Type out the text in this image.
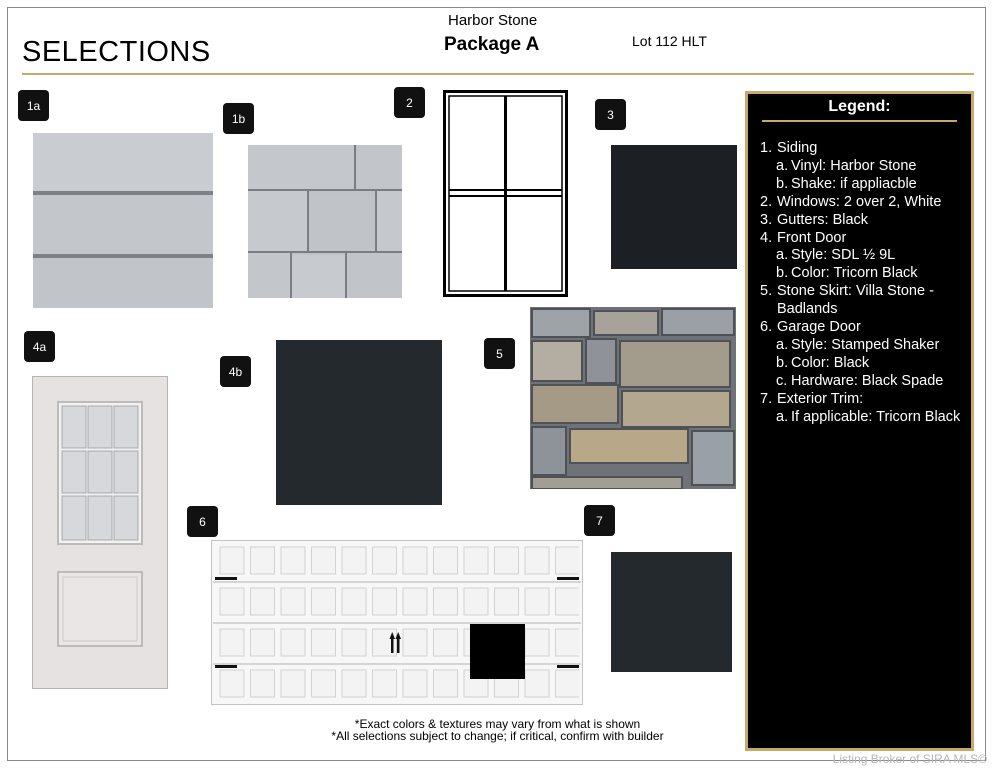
SELECTIONS
Harbor Stone
Package A	Lot 112 HLT
1a
1b
2
3
4a
4b
5
6	7
Legend:
1. Siding
a. Vinyl: Harbor Stone
b. Shake: if appliacble
2. Windows: 2 over 2, White
3. Gutters: Black
4. Front Door
a. Style: SDL ½ 9L
b. Color: Tricorn Black
5. Stone Skirt: Villa Stone - Badlands
6. Garage Door
a. Style: Stamped Shaker
b. Color: Black
c. Hardware: Black Spade
7. Exterior Trim:
a. If applicable: Tricorn Black
*Exact colors & textures may vary from what is shown
*All selections subject to change; if critical, confirm with builder
Listing Broker of SIRA MLS©
